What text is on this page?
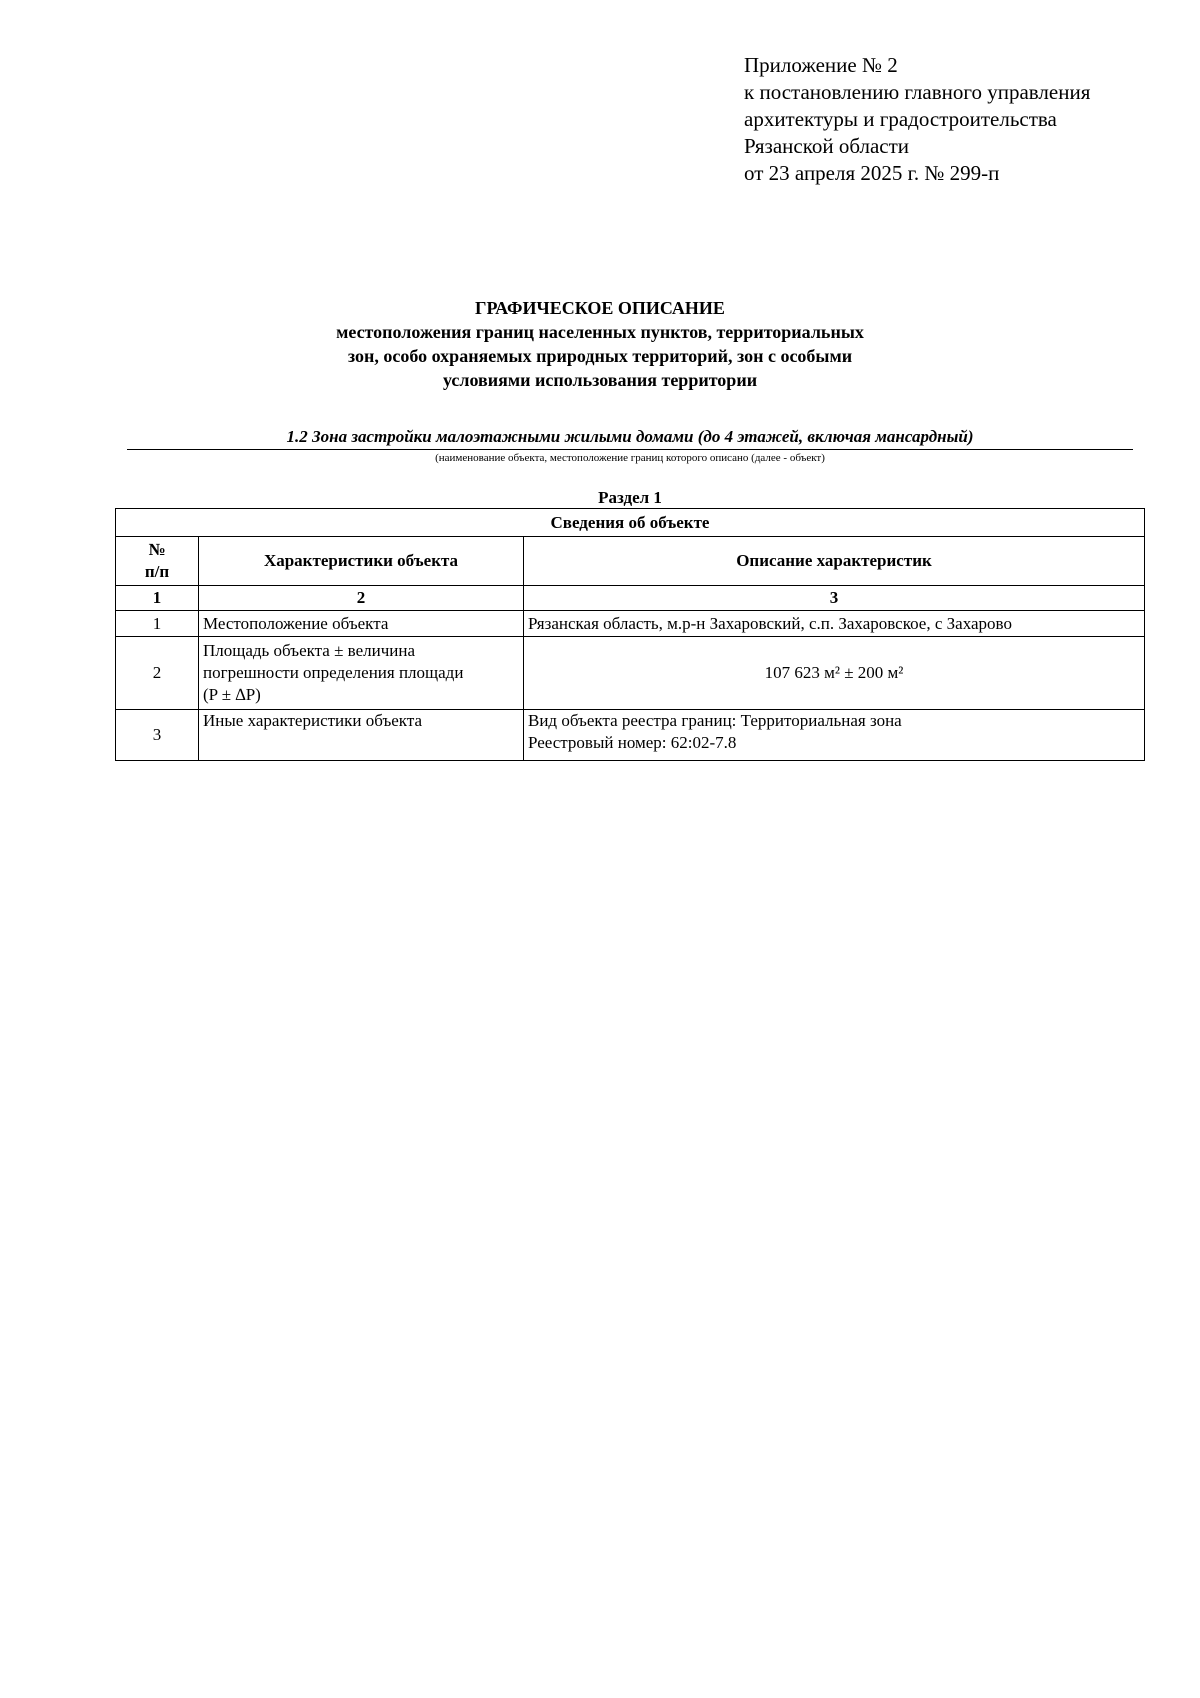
Приложение № 2
к постановлению главного управления
архитектуры и градостроительства
Рязанской области
от 23 апреля 2025 г. № 299-п
ГРАФИЧЕСКОЕ ОПИСАНИЕ
местоположения границ населенных пунктов, территориальных
зон, особо охраняемых природных территорий, зон с особыми
условиями использования территории
1.2 Зона застройки малоэтажными жилыми домами (до 4 этажей, включая мансардный)
(наименование объекта, местоположение границ которого описано (далее - объект)
Раздел 1
Сведения об объекте		

№
п/п	Характеристики объекта	Описание характеристик
1	2	3
1	Местоположение объекта	Рязанская область, м.р-н Захаровский, с.п. Захаровское, с Захарово

2	Площадь объекта ± величина
погрешности определения площади
(P ± ∆P)	107 623 м² ± 200 м²

3	Иные характеристики объекта	Вид объекта реестра границ: Территориальная зона
Реестровый номер: 62:02-7.8
